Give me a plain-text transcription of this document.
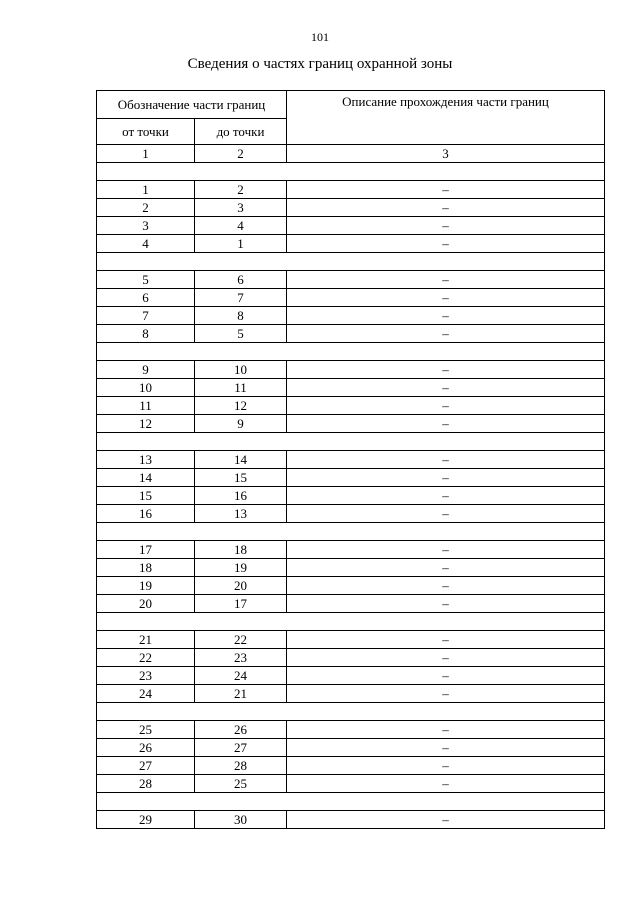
101
Сведения о частях границ охранной зоны
Обозначение части границ		Описание прохождения части границ
от точки	до точки	
1	2	3

1	2	–
2	3	–
3	4	–
4	1	–

5	6	–
6	7	–
7	8	–
8	5	–

9	10	–
10	11	–
11	12	–
12	9	–

13	14	–
14	15	–
15	16	–
16	13	–

17	18	–
18	19	–
19	20	–
20	17	–

21	22	–
22	23	–
23	24	–
24	21	–

25	26	–
26	27	–
27	28	–
28	25	–

29	30	–
